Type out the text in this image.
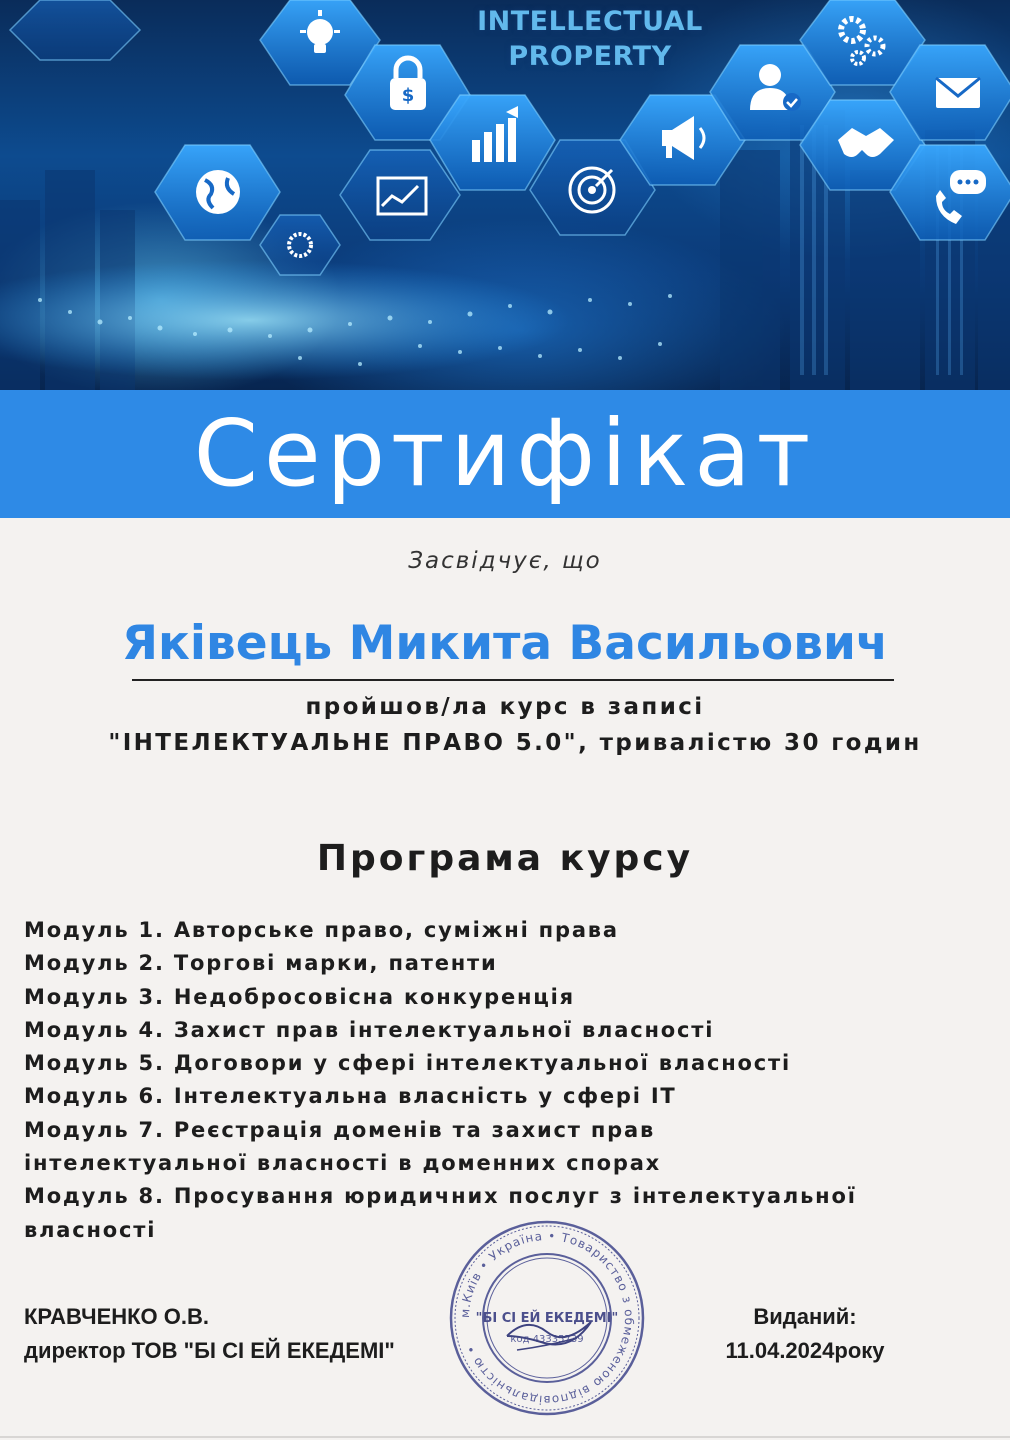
$
INTELLECTUAL
PROPERTY
Сертифікат
Засвідчує, що
Яківець Микита Васильович
пройшов/ла курс в записі
"ІНТЕЛЕКТУАЛЬНЕ ПРАВО 5.0", тривалістю 30 годин
Програма курсу
Модуль 1. Авторське право, суміжні права
Модуль 2. Торгові марки, патенти
Модуль 3. Недобросовісна конкуренція
Модуль 4. Захист прав інтелектуальної власності
Модуль 5. Договори у сфері інтелектуальної власності
Модуль 6. Інтелектуальна власність у сфері ІТ
Модуль 7. Реєстрація доменів та захист прав
інтелектуальної власності в доменних спорах
Модуль 8. Просування юридичних послуг з інтелектуальної
власності
КРАВЧЕНКО О.В.
директор ТОВ "БІ СІ ЕЙ ЕКЕДЕМІ"
м.Київ • Україна • Товариство з обмеженою відповідальністю •
"БІ СІ ЕЙ ЕКЕДЕМІ"
код 43335739
Виданий:
11.04.2024року
